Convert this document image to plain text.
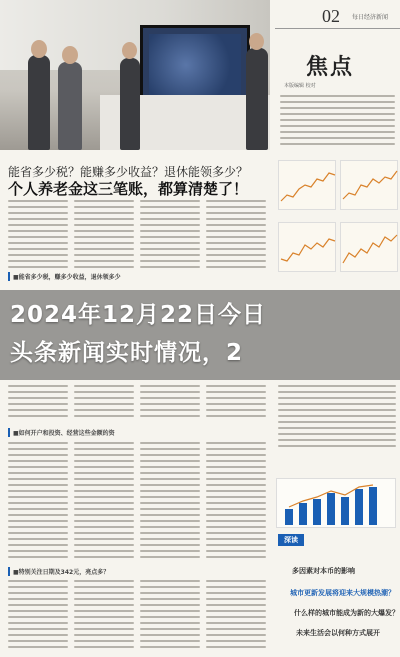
02 每日经济新闻
焦点
本版编辑 校对
能省多少税？能赚多少收益？退休能领多少？
个人养老金这三笔账，都算清楚了！
■能省多少税，赚多少收益，退休领多少
2024年12月22日今日
头条新闻实时情况，2
■如何开户和投资、经营这些金额的资
■特别关注日期及342元，亮点多？
深读
多因素对本币的影响
城市更新发展将迎来大规模热潮？
什么样的城市能成为新的大爆发？
未来生活会以何种方式展开
